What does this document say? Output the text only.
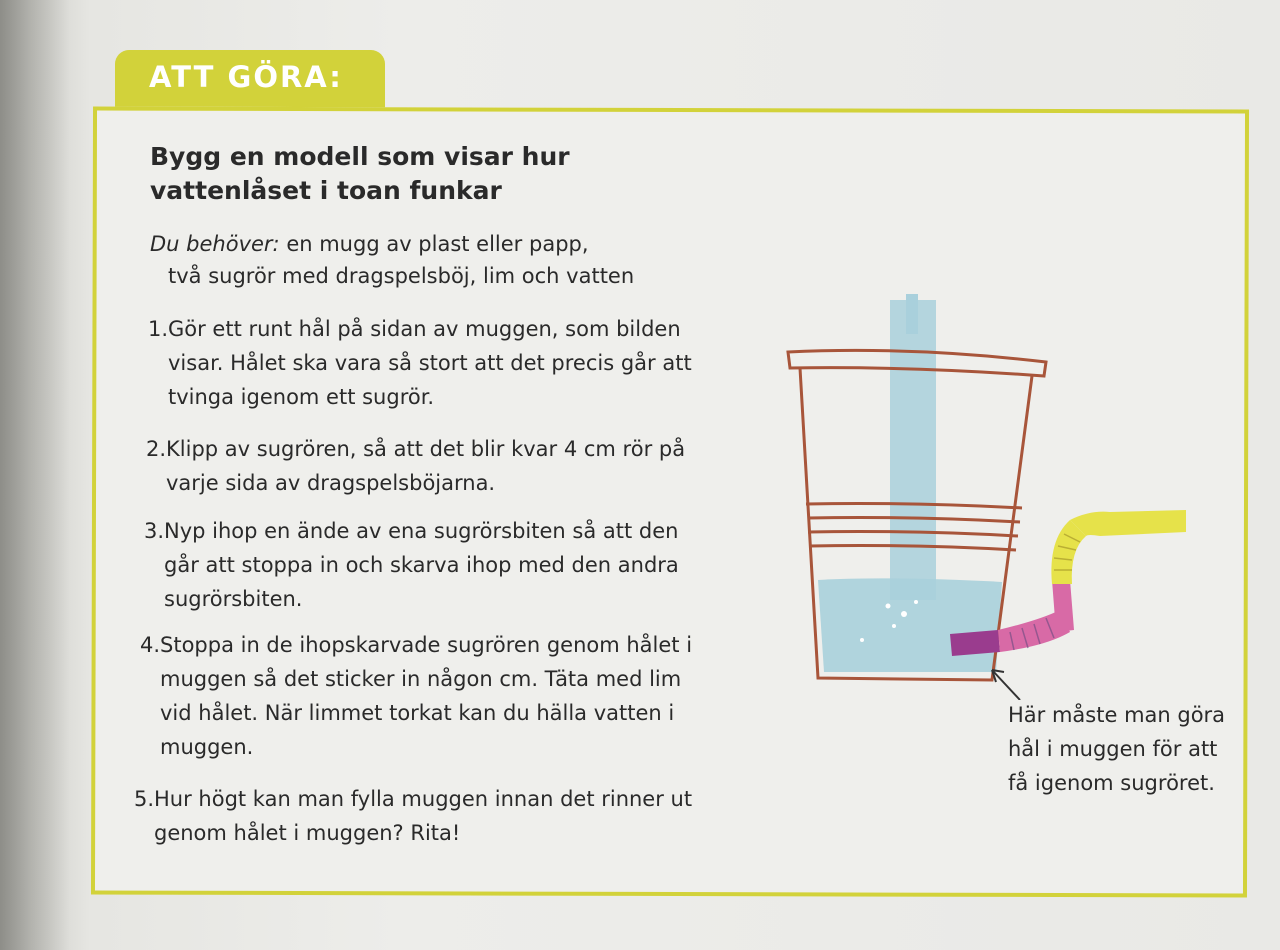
ATT GÖRA:
Bygg en modell som visar hur vattenlåset i toan funkar
Du behöver: en mugg av plast eller papp,
två sugrör med dragspelsböj, lim och vatten
1. Gör ett runt hål på sidan av muggen, som bilden visar. Hålet ska vara så stort att det precis går att tvinga igenom ett sugrör.
2. Klipp av sugrören, så att det blir kvar 4 cm rör på varje sida av dragspelsböjarna.
3. Nyp ihop en ände av ena sugrörsbiten så att den går att stoppa in och skarva ihop med den andra sugrörsbiten.
4. Stoppa in de ihopskarvade sugrören genom hålet i muggen så det sticker in någon cm. Täta med lim vid hålet. När limmet torkat kan du hälla vatten i muggen.
5. Hur högt kan man fylla muggen innan det rinner ut genom hålet i muggen? Rita!
Här måste man göra hål i muggen för att få igenom sugröret.
